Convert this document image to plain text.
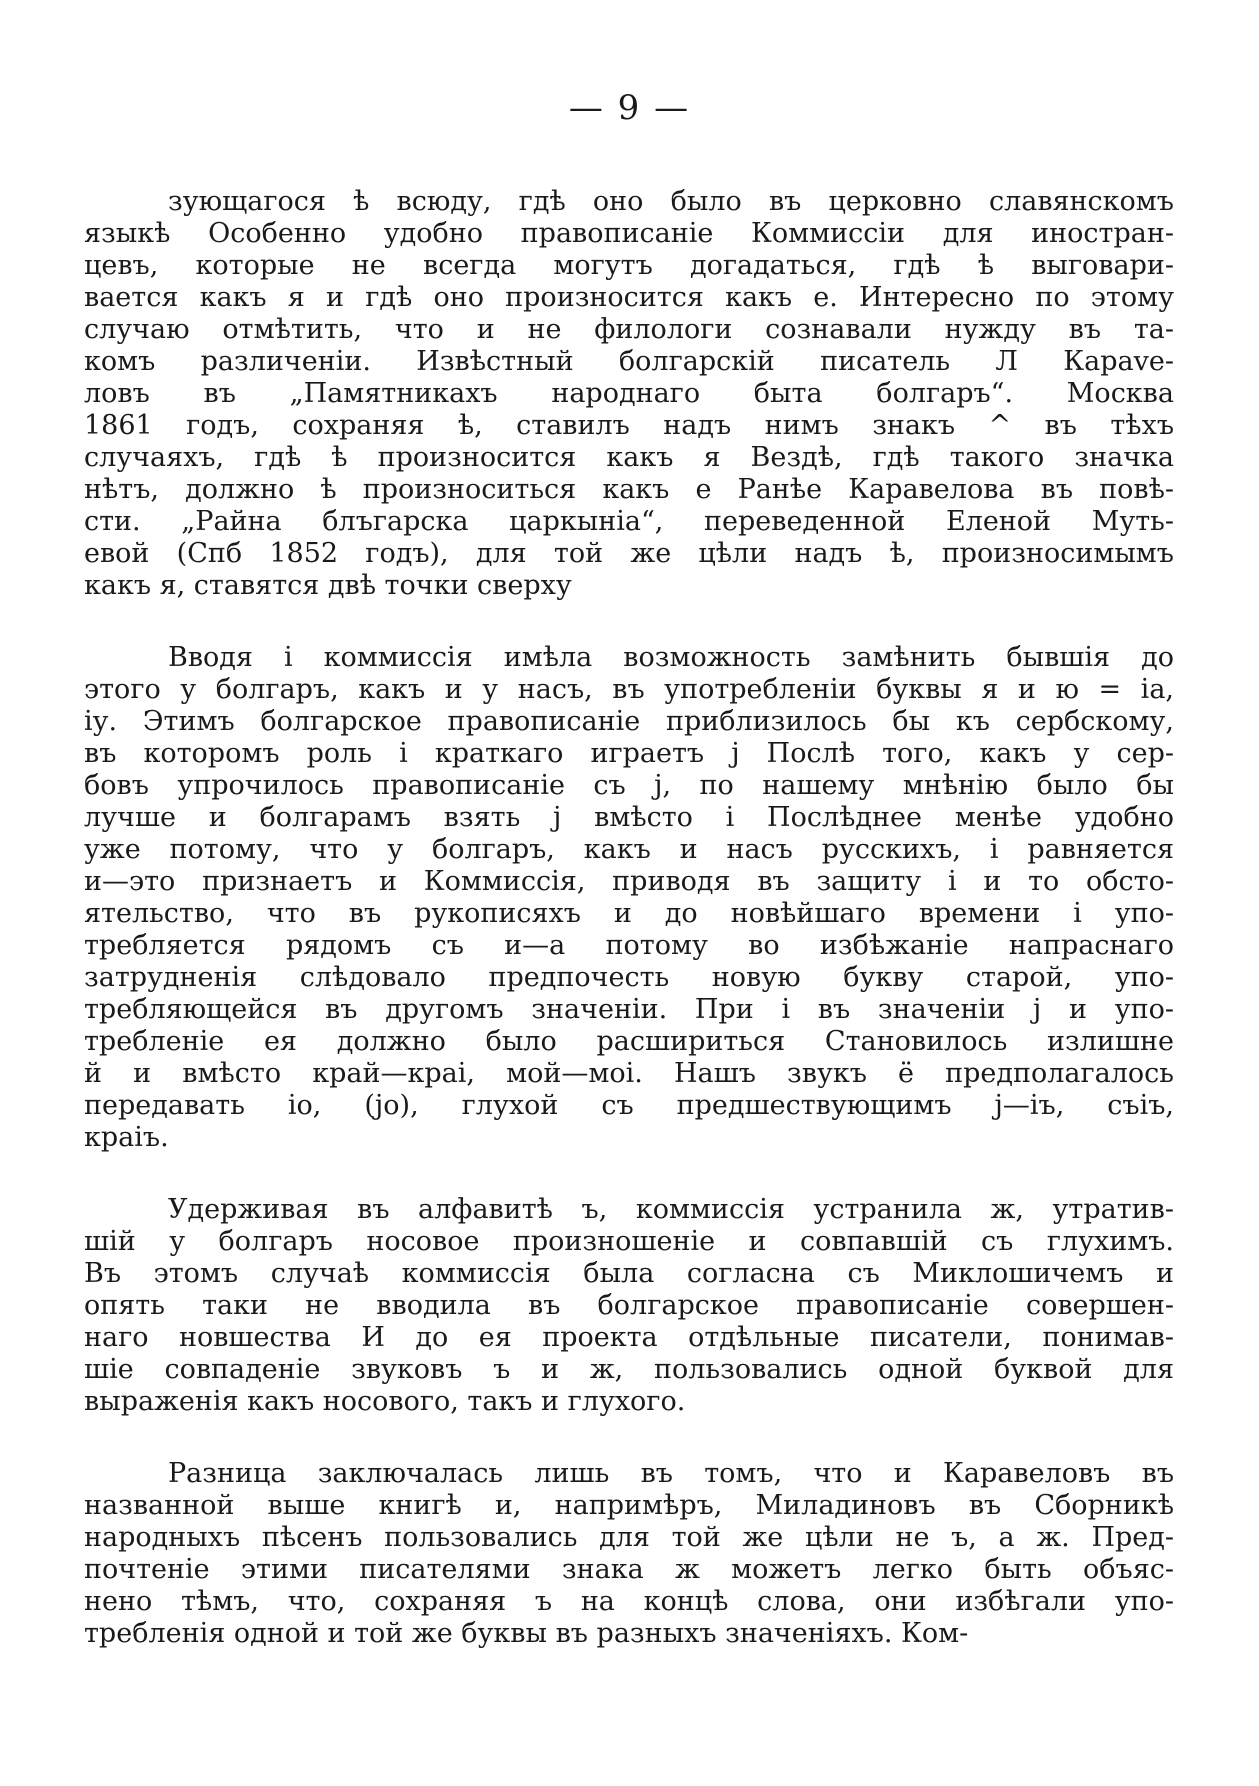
— 9 —
зующагося ѣ всюду, гдѣ оно было въ церковно славянскомъ
языкѣ Особенно удобно правописаніе Коммиссіи для иностран-
цевъ, которые не всегда могутъ догадаться, гдѣ ѣ выговари-
вается какъ я и гдѣ оно произносится какъ е. Интересно по этому
случаю отмѣтить, что и не филологи сознавали нужду въ та-
комъ различеніи. Извѣстный болгарскій писатель Л Карave-
ловъ въ „Памятникахъ народнаго быта болгаръ“. Москва
1861 годъ, сохраняя ѣ, ставилъ надъ нимъ знакъ ^ въ тѣхъ
случаяхъ, гдѣ ѣ произносится какъ я Вездѣ, гдѣ такого значка
нѣтъ, должно ѣ произноситься какъ е Ранѣе Каравелова въ повѣ-
сти. „Райна блъгарска царкыніа“, переведенной Еленой Муть-
евой (Спб 1852 годъ), для той же цѣли надъ ѣ, произносимымъ
какъ я, ставятся двѣ точки сверху
Вводя і коммиссія имѣла возможность замѣнить бывшія до
этого у болгаръ, какъ и у насъ, въ употребленіи буквы я и ю = іа,
іу. Этимъ болгарское правописаніе приблизилось бы къ сербскому,
въ которомъ роль і краткаго играетъ ј Послѣ того, какъ у сер-
бовъ упрочилось правописаніе съ ј, по нашему мнѣнію было бы
лучше и болгарамъ взять ј вмѣсто і Послѣднее менѣе удобно
уже потому, что у болгаръ, какъ и насъ русскихъ, і равняется
и—это признаетъ и Коммиссія, приводя въ защиту і и то обсто-
ятельство, что въ рукописяхъ и до новѣйшаго времени і упо-
требляется рядомъ съ и—а потому во избѣжаніе напраснаго
затрудненія слѣдовало предпочесть новую букву старой, упо-
требляющейся въ другомъ значеніи. При і въ значеніи ј и упо-
требленіе ея должно было расшириться Становилось излишне
й и вмѣсто край—краі, мой—моі. Нашъ звукъ ё предполагалось
передавать іо, (јо), глухой съ предшествующимъ ј—іъ, съіъ,
краіъ.
Удерживая въ алфавитѣ ъ, коммиссія устранила ж, утратив-
шій у болгаръ носовое произношеніе и совпавшій съ глухимъ.
Въ этомъ случаѣ коммиссія была согласна съ Миклошичемъ и
опять таки не вводила въ болгарское правописаніе совершен-
наго новшества И до ея проекта отдѣльные писатели, понимав-
шіе совпаденіе звуковъ ъ и ж, пользовались одной буквой для
выраженія какъ носового, такъ и глухого.
Разница заключалась лишь въ томъ, что и Каравеловъ въ
названной выше книгѣ и, напримѣръ, Миладиновъ въ Сборникѣ
народныхъ пѣсенъ пользовались для той же цѣли не ъ, а ж. Пред-
почтеніе этими писателями знака ж можетъ легко быть объяс-
нено тѣмъ, что, сохраняя ъ на концѣ слова, они избѣгали упо-
требленія одной и той же буквы въ разныхъ значеніяхъ. Ком-
